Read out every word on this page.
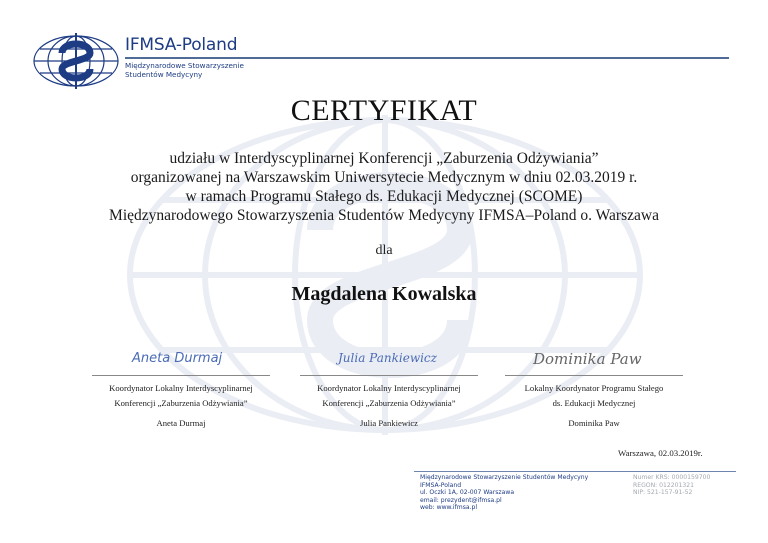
IFMSA-Poland
Międzynarodowe Stowarzyszenie
Studentów Medycyny
CERTYFIKAT
udziału w Interdyscyplinarnej Konferencji „Zaburzenia Odżywiania”
organizowanej na Warszawskim Uniwersytecie Medycznym w dniu 02.03.2019 r.
w ramach Programu Stałego ds. Edukacji Medycznej (SCOME)
Międzynarodowego Stowarzyszenia Studentów Medycyny IFMSA–Poland o. Warszawa
dla
Magdalena Kowalska
Aneta Durmaj
Koordynator Lokalny Interdyscyplinarnej
Konferencji „Zaburzenia Odżywiania”
Aneta Durmaj
Julia Pankiewicz
Koordynator Lokalny Interdyscyplinarnej
Konferencji „Zaburzenia Odżywiania”
Julia Pankiewicz
Dominika Paw
Lokalny Koordynator Programu Stałego
ds. Edukacji Medycznej
Dominika Paw
Warszawa, 02.03.2019r.
Międzynarodowe Stowarzyszenie Studentów Medycyny
IFMSA-Poland
ul. Oczki 1A, 02-007 Warszawa
email: prezydent@ifmsa.pl
web: www.ifmsa.pl
Numer KRS: 0000159700
REGON: 012201321
NIP: 521-157-91-52
